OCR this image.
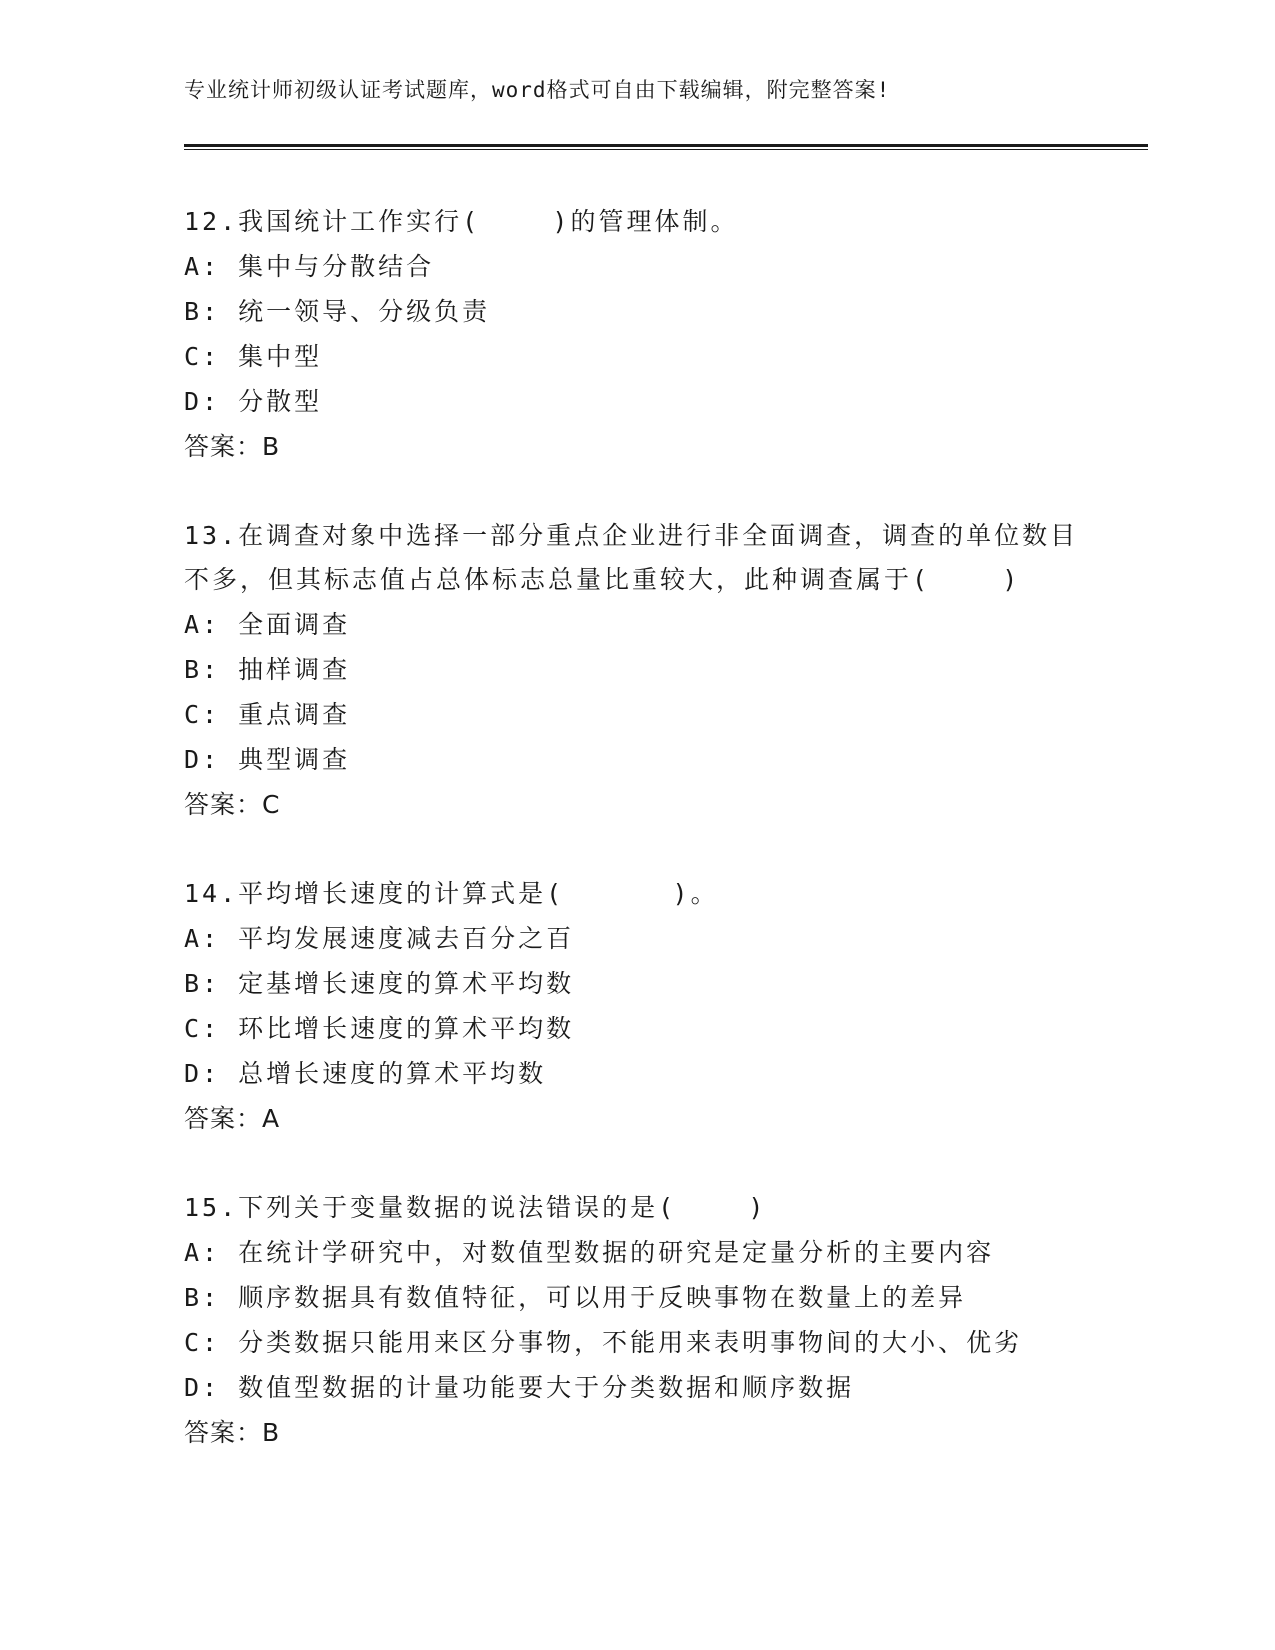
专业统计师初级认证考试题库，word格式可自由下载编辑，附完整答案!

12.我国统计工作实行(    )的管理体制。

A: 集中与分散结合

B: 统一领导、分级负责

C: 集中型

D: 分散型

答案：B

13.在调查对象中选择一部分重点企业进行非全面调查，调查的单位数目不多，但其标志值占总体标志总量比重较大，此种调查属于(    )

A: 全面调查

B: 抽样调查

C: 重点调查

D: 典型调查

答案：C

14.平均增长速度的计算式是(      )。

A: 平均发展速度减去百分之百

B: 定基增长速度的算术平均数

C: 环比增长速度的算术平均数

D: 总增长速度的算术平均数

答案：A

15.下列关于变量数据的说法错误的是(    )

A: 在统计学研究中，对数值型数据的研究是定量分析的主要内容

B: 顺序数据具有数值特征，可以用于反映事物在数量上的差异

C: 分类数据只能用来区分事物，不能用来表明事物间的大小、优劣

D: 数值型数据的计量功能要大于分类数据和顺序数据

答案：B
